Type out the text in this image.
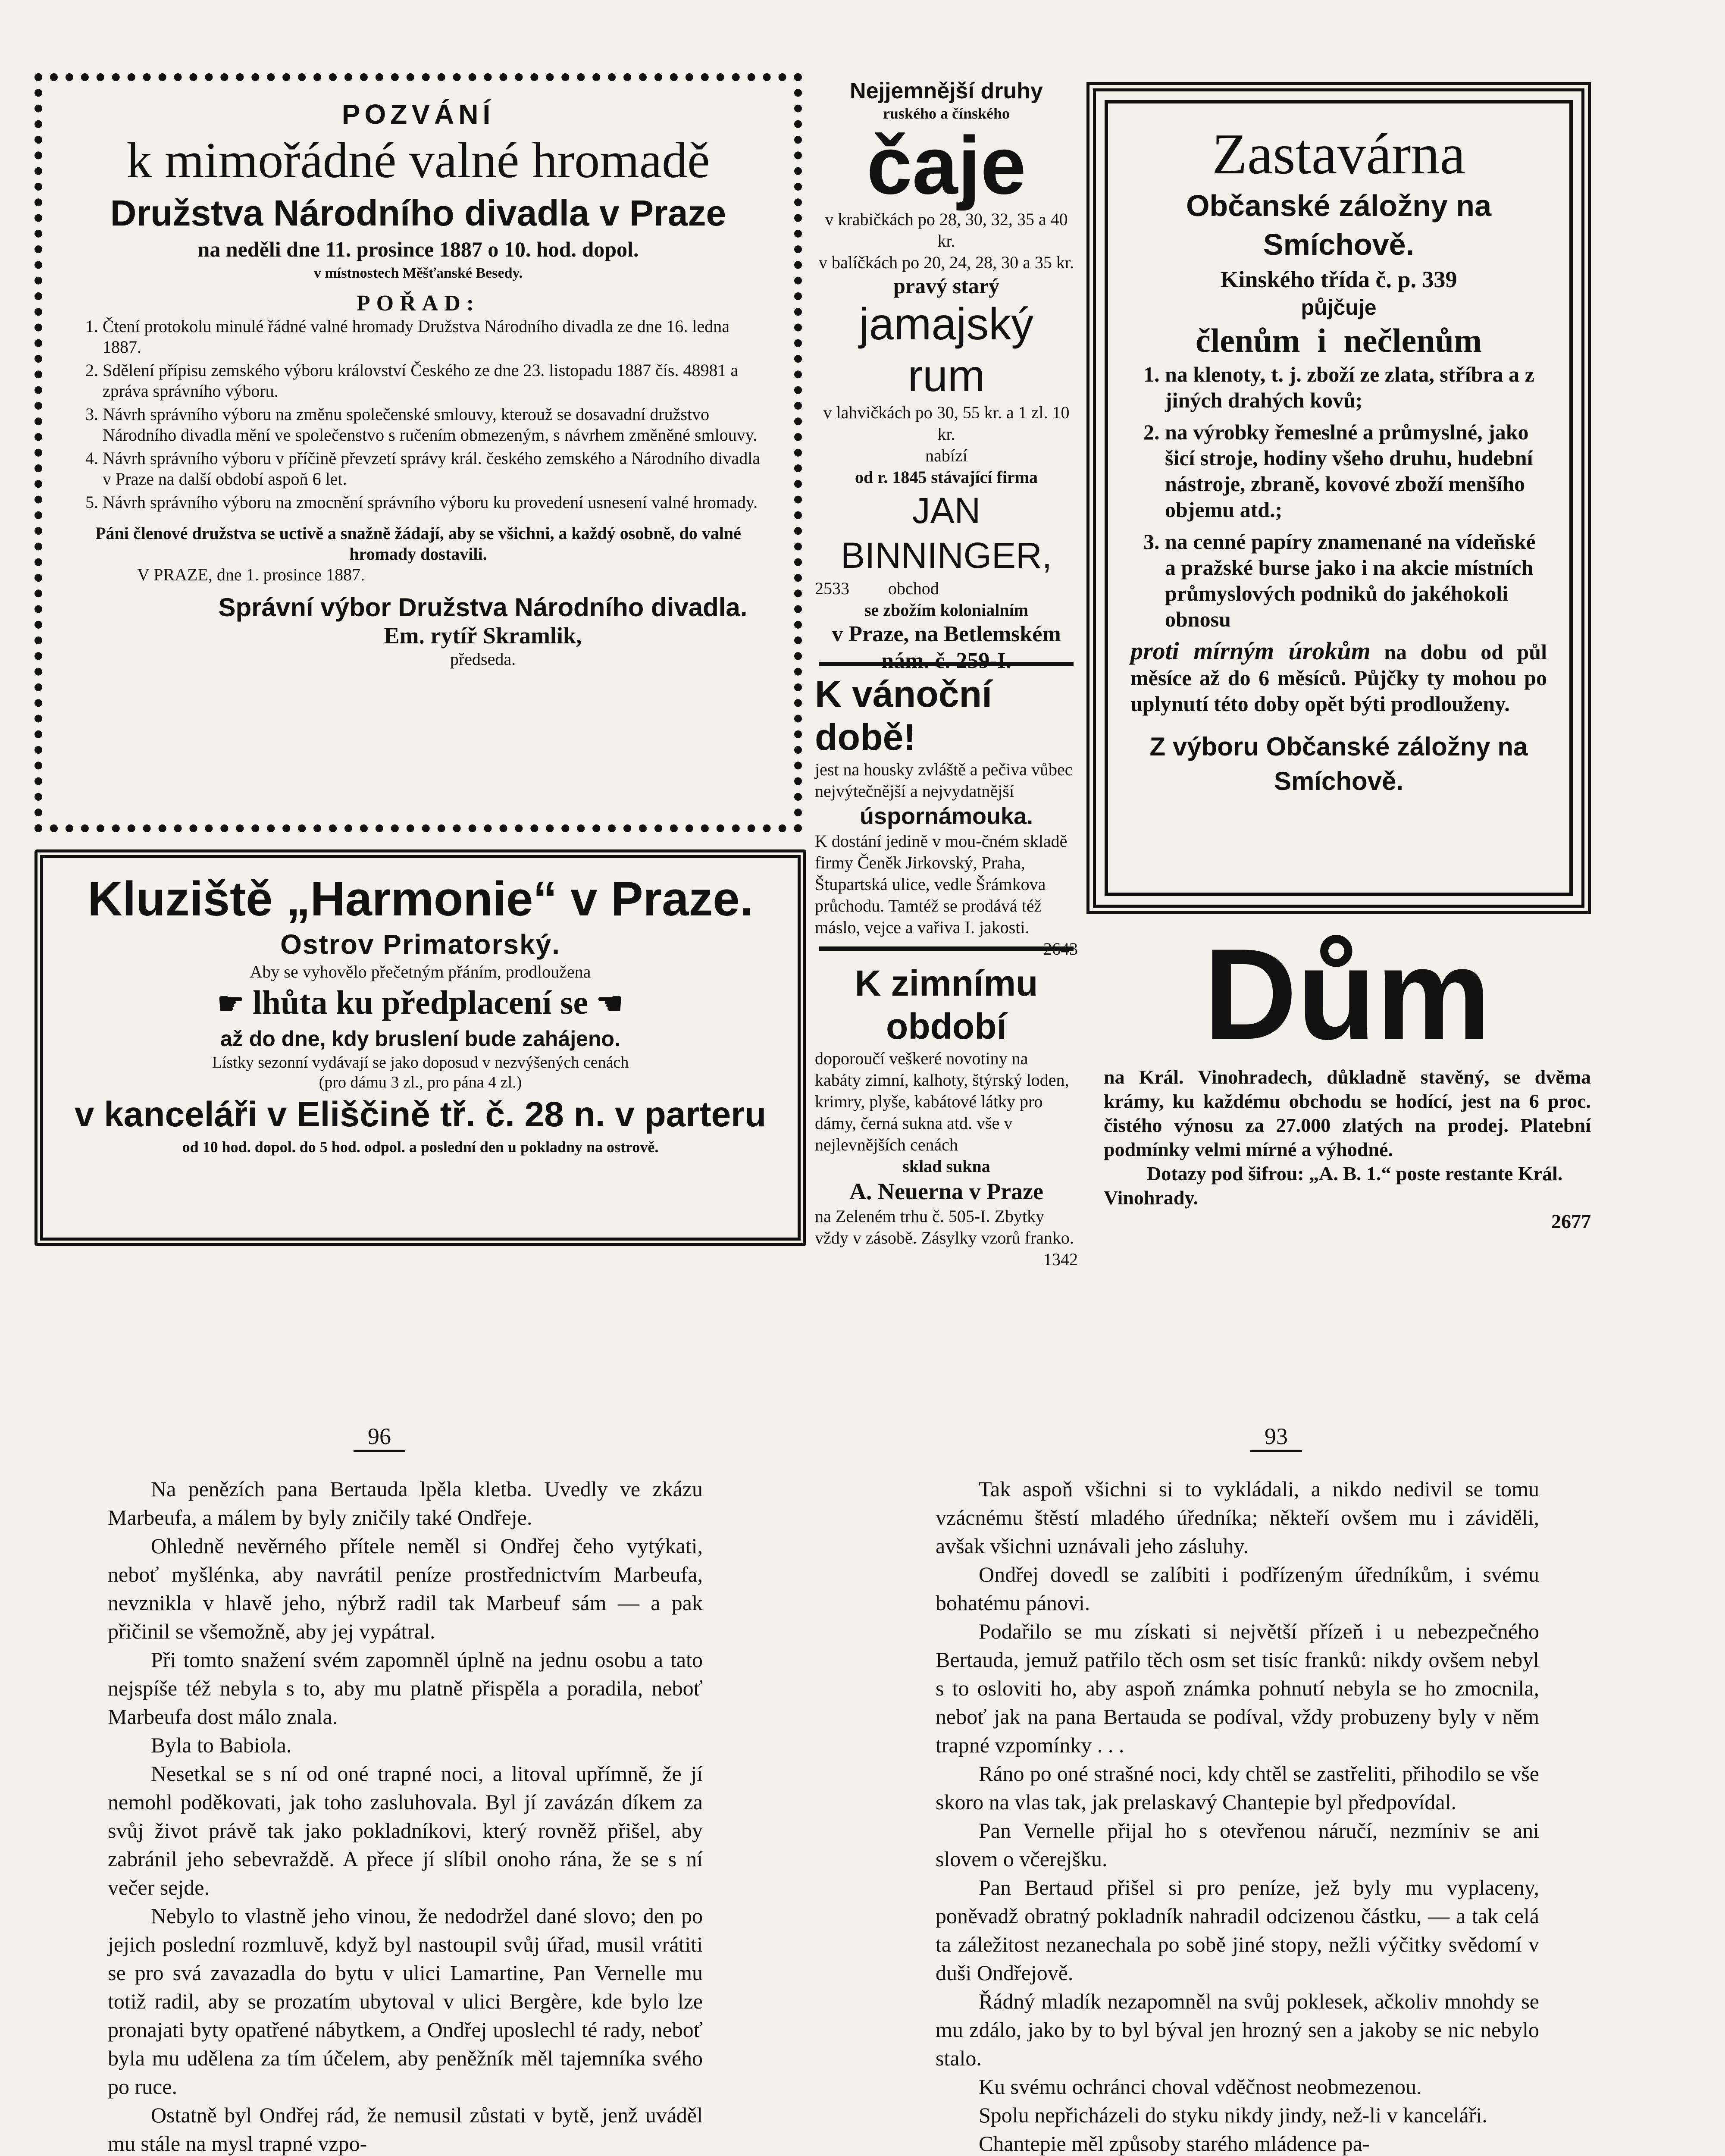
POZVÁNÍ
k mimořádné valné hromadě
Družstva Národního divadla v Praze
na neděli dne 11. prosince 1887 o 10. hod. dopol.
v místnostech Měšťanské Besedy.
POŘAD:
1. Čtení protokolu minulé řádné valné hromady Družstva Národního divadla ze dne 16. ledna 1887.
2. Sdělení přípisu zemského výboru království Českého ze dne 23. listopadu 1887 čís. 48981 a zpráva správního výboru.
3. Návrh správního výboru na změnu společenské smlouvy, kterouž se dosavadní družstvo Národního divadla mění ve společenstvo s ručením obmezeným, s návrhem změněné smlouvy.
4. Návrh správního výboru v příčině převzetí správy král. českého zemského a Národního divadla v Praze na další období aspoň 6 let.
5. Návrh správního výboru na zmocnění správního výboru ku provedení usnesení valné hromady.

Páni členové družstva se uctivě a snažně žádají, aby se všichni, a každý osobně, do valné hromady dostavili.

V PRAZE, dne 1. prosince 1887.

Správní výbor Družstva Národního divadla.
Em. rytíř Skramlik,
předseda.
Kluziště „Harmonie“ v Praze.
Ostrov Primatorský.
Aby se vyhovělo přečetným přáním, prodloužena
☛ lhůta ku předplacení se ☛
až do dne, kdy bruslení bude zahájeno.
Lístky sezonní vydávají se jako doposud v nezvýšených cenách
(pro dámu 3 zl., pro pána 4 zl.)
v kanceláři v Eliščině tř. č. 28 n. v parteru
od 10 hod. dopol. do 5 hod. odpol. a poslední den u pokladny na ostrově.
Nejjemnější druhy
ruského a čínského
čaje
v krabičkách po 28, 30, 32, 35 a 40 kr.
v balíčkách po 20, 24, 28, 30 a 35 kr.
pravý starý
jamajský rum
v lahvičkách po 30, 55 kr. a 1 zl. 10 kr.
nabízí
od r. 1845 stávající firma
JAN BINNINGER,
2533 obchod
se zbožím kolonialním
v Praze, na Betlemském nám. č. 259-I.
K vánoční době!

jest na housky zvláště a pečiva vůbec nejvýtečnější a nejvydatnější

úspornámouka.

K dostání jedině v mou-čném skladě firmy Čeněk Jirkovský, Praha, Štupartská ulice, vedle Šrámkova průchodu. Tamtéž se prodává též máslo, vejce a vařiva I. jakosti.

2643
K zimnímu období

doporoučí veškeré novotiny na kabáty zimní, kalhoty, štýrský loden, krimry, plyše, kabátové látky pro dámy, černá sukna atd. vše v nejlevnějších cenách

sklad sukna
A. Neuerna v Praze

na Zeleném trhu č. 505-I. Zbytky vždy v zásobě. Zásylky vzorů franko.

1342
Zastavárna
Občanské záložny na Smíchově.
Kinského třída č. p. 339
půjčuje
členům i nečlenům
1. na klenoty, t. j. zboží ze zlata, stříbra a z jiných drahých kovů;
2. na výrobky řemeslné a průmyslné, jako šicí stroje, hodiny všeho druhu, hudební nástroje, zbraně, kovové zboží menšího objemu atd.;
3. na cenné papíry znamenané na vídeňské a pražské burse jako i na akcie místních průmyslových podniků do jakéhokoli obnosu

proti mírným úrokům na dobu od půl měsíce až do 6 měsíců. Půjčky ty mohou po uplynutí této doby opět býti prodlouženy.

Z výboru Občanské záložny na Smíchově.
Dům

na Král. Vinohradech, důkladně stavěný, se dvěma krámy, ku každému obchodu se hodící, jest na 6 proc. čistého výnosu za 27.000 zlatých na prodej. Platební podmínky velmi mírné a výhodné.

Dotazy pod šifrou: „A. B. 1.“ poste restante Král. Vinohrady.

2677
96

Na penězích pana Bertauda lpěla kletba. Uvedly ve zkázu Marbeufa, a málem by byly zničily také Ondřeje.

Ohledně nevěrného přítele neměl si Ondřej čeho vytýkati, neboť myšlénka, aby navrátil peníze prostřednictvím Marbeufa, nevznikla v hlavě jeho, nýbrž radil tak Marbeuf sám — a pak přičinil se všemožně, aby jej vypátral.

Při tomto snažení svém zapomněl úplně na jednu osobu a tato nejspíše též nebyla s to, aby mu platně přispěla a poradila, neboť Marbeufa dost málo znala.

Byla to Babiola.

Nesetkal se s ní od oné trapné noci, a litoval upřímně, že jí nemohl poděkovati, jak toho zasluhovala. Byl jí zavázán díkem za svůj život právě tak jako pokladníkovi, který rovněž přišel, aby zabránil jeho sebevraždě. A přece jí slíbil onoho rána, že se s ní večer sejde.

Nebylo to vlastně jeho vinou, že nedodržel dané slovo; den po jejich poslední rozmluvě, když byl nastoupil svůj úřad, musil vrátiti se pro svá zavazadla do bytu v ulici Lamartine, Pan Vernelle mu totiž radil, aby se prozatím ubytoval v ulici Bergère, kde bylo lze pronajati byty opatřené nábytkem, a Ondřej uposlechl té rady, neboť byla mu udělena za tím účelem, aby peněžník měl tajemníka svého po ruce.

Ostatně byl Ondřej rád, že nemusil zůstati v bytě, jenž uváděl mu stále na mysl trapné vzpo-

93

Tak aspoň všichni si to vykládali, a nikdo nedivil se tomu vzácnému štěstí mladého úředníka; někteří ovšem mu i záviděli, avšak všichni uznávali jeho zásluhy.

Ondřej dovedl se zalíbiti i podřízeným úředníkům, i svému bohatému pánovi.

Podařilo se mu získati si největší přízeň i u nebezpečného Bertauda, jemuž patřilo těch osm set tisíc franků: nikdy ovšem nebyl s to osloviti ho, aby aspoň známka pohnutí nebyla se ho zmocnila, neboť jak na pana Bertauda se podíval, vždy probuzeny byly v něm trapné vzpomínky . . .

Ráno po oné strašné noci, kdy chtěl se zastřeliti, přihodilo se vše skoro na vlas tak, jak prelaskavý Chantepie byl předpovídal.

Pan Vernelle přijal ho s otevřenou náručí, nezmíniv se ani slovem o včerejšku.

Pan Bertaud přišel si pro peníze, jež byly mu vyplaceny, poněvadž obratný pokladník nahradil odcizenou částku, — a tak celá ta záležitost nezanechala po sobě jiné stopy, nežli výčitky svědomí v duši Ondřejově.

Řádný mladík nezapomněl na svůj poklesek, ačkoliv mnohdy se mu zdálo, jako by to byl býval jen hrozný sen a jakoby se nic nebylo stalo.

Ku svému ochránci choval vděčnost neobmezenou.

Spolu nepřicházeli do styku nikdy jindy, než-li v kanceláři.

Chantepie měl způsoby starého mládence pa-
